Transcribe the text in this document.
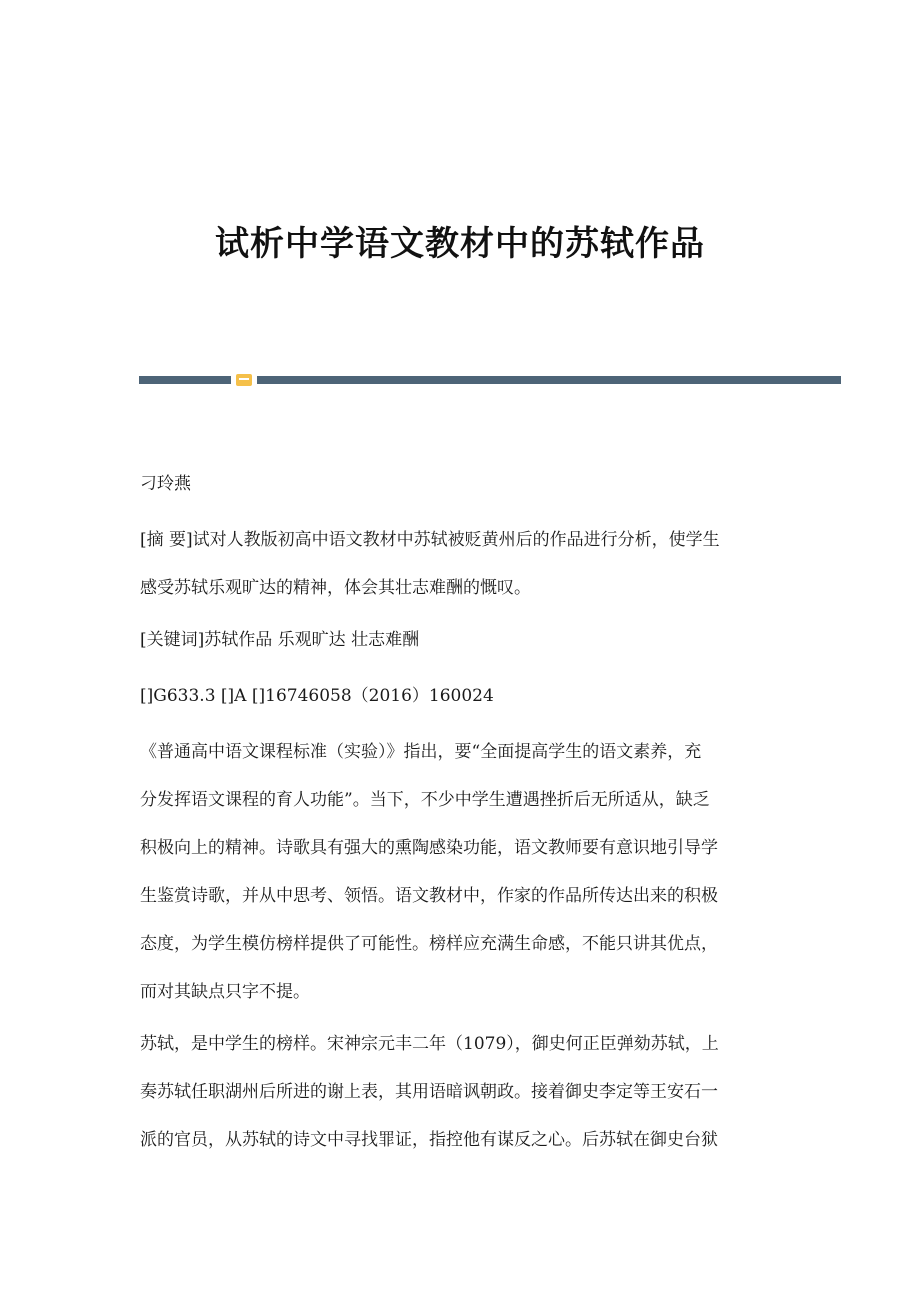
试析中学语文教材中的苏轼作品

刁玲燕

[摘 要]试对人教版初高中语文教材中苏轼被贬黄州后的作品进行分析，使学生

感受苏轼乐观旷达的精神，体会其壮志难酬的慨叹。

[关键词]苏轼作品 乐观旷达 壮志难酬

[]G633.3 []A []16746058（2016）160024

《普通高中语文课程标准（实验）》指出，要“全面提高学生的语文素养，充

分发挥语文课程的育人功能”。当下，不少中学生遭遇挫折后无所适从，缺乏

积极向上的精神。诗歌具有强大的熏陶感染功能，语文教师要有意识地引导学

生鉴赏诗歌，并从中思考、领悟。语文教材中，作家的作品所传达出来的积极

态度，为学生模仿榜样提供了可能性。榜样应充满生命感，不能只讲其优点，

而对其缺点只字不提。

苏轼，是中学生的榜样。宋神宗元丰二年（1079），御史何正臣弹劾苏轼，上

奏苏轼任职湖州后所进的谢上表，其用语暗讽朝政。接着御史李定等王安石一

派的官员，从苏轼的诗文中寻找罪证，指控他有谋反之心。后苏轼在御史台狱
